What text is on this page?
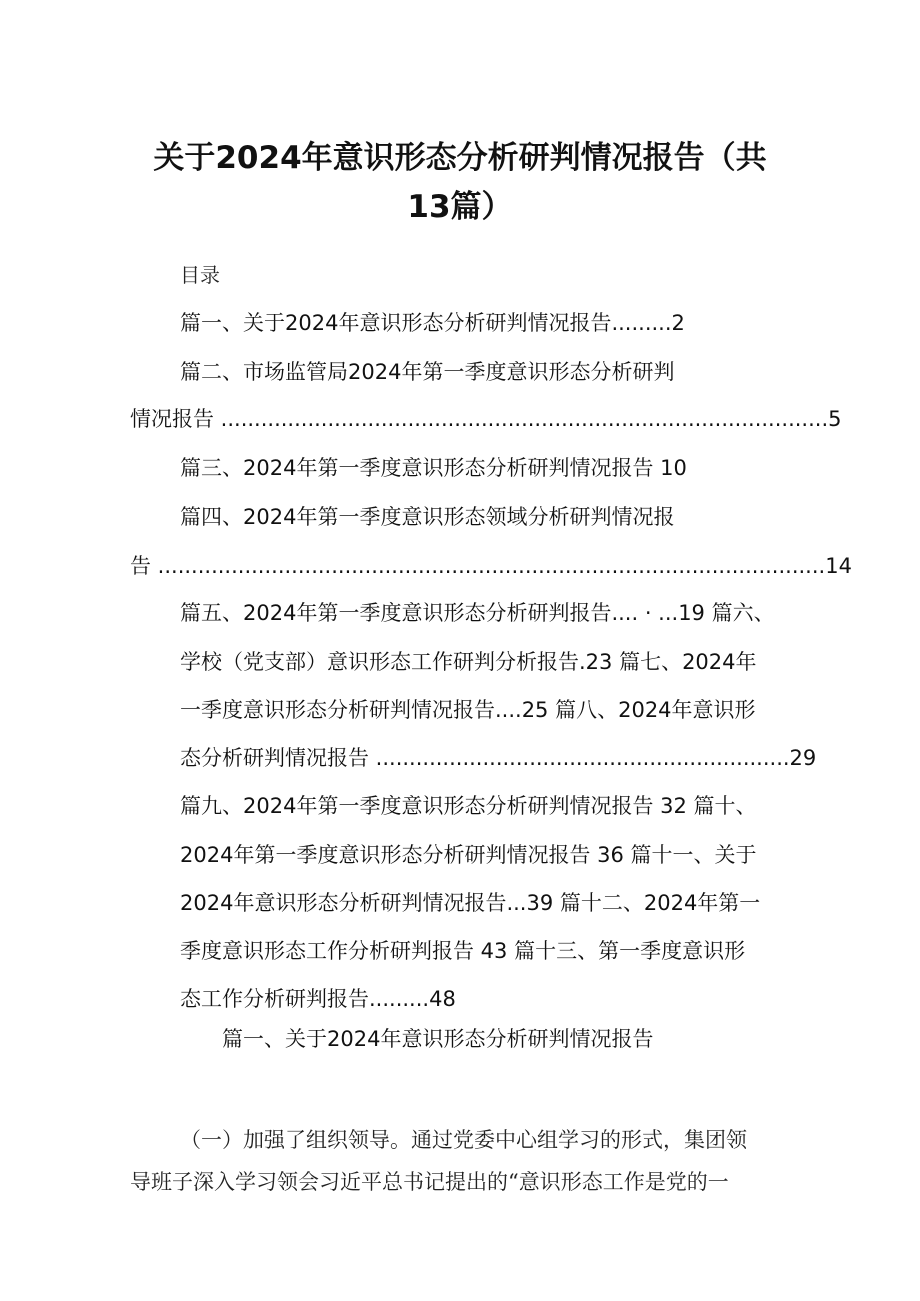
关于2024年意识形态分析研判情况报告（共
13篇）
目录
篇一、关于2024年意识形态分析研判情况报告.........2
篇二、市场监管局2024年第一季度意识形态分析研判
情况报告 ...........................................................................................5
篇三、2024年第一季度意识形态分析研判情况报告 10
篇四、2024年第一季度意识形态领域分析研判情况报
告 ....................................................................................................14
篇五、2024年第一季度意识形态分析研判报告.... · ...19 篇六、
学校（党支部）意识形态工作研判分析报告.23 篇七、2024年
一季度意识形态分析研判情况报告....25 篇八、2024年意识形
态分析研判情况报告 ..............................................................29
篇九、2024年第一季度意识形态分析研判情况报告 32 篇十、
2024年第一季度意识形态分析研判情况报告 36 篇十一、关于
2024年意识形态分析研判情况报告...39 篇十二、2024年第一
季度意识形态工作分析研判报告 43 篇十三、第一季度意识形
态工作分析研判报告.........48
篇一、关于2024年意识形态分析研判情况报告
（一）加强了组织领导。通过党委中心组学习的形式，集团领
导班子深入学习领会习近平总书记提出的“意识形态工作是党的一
